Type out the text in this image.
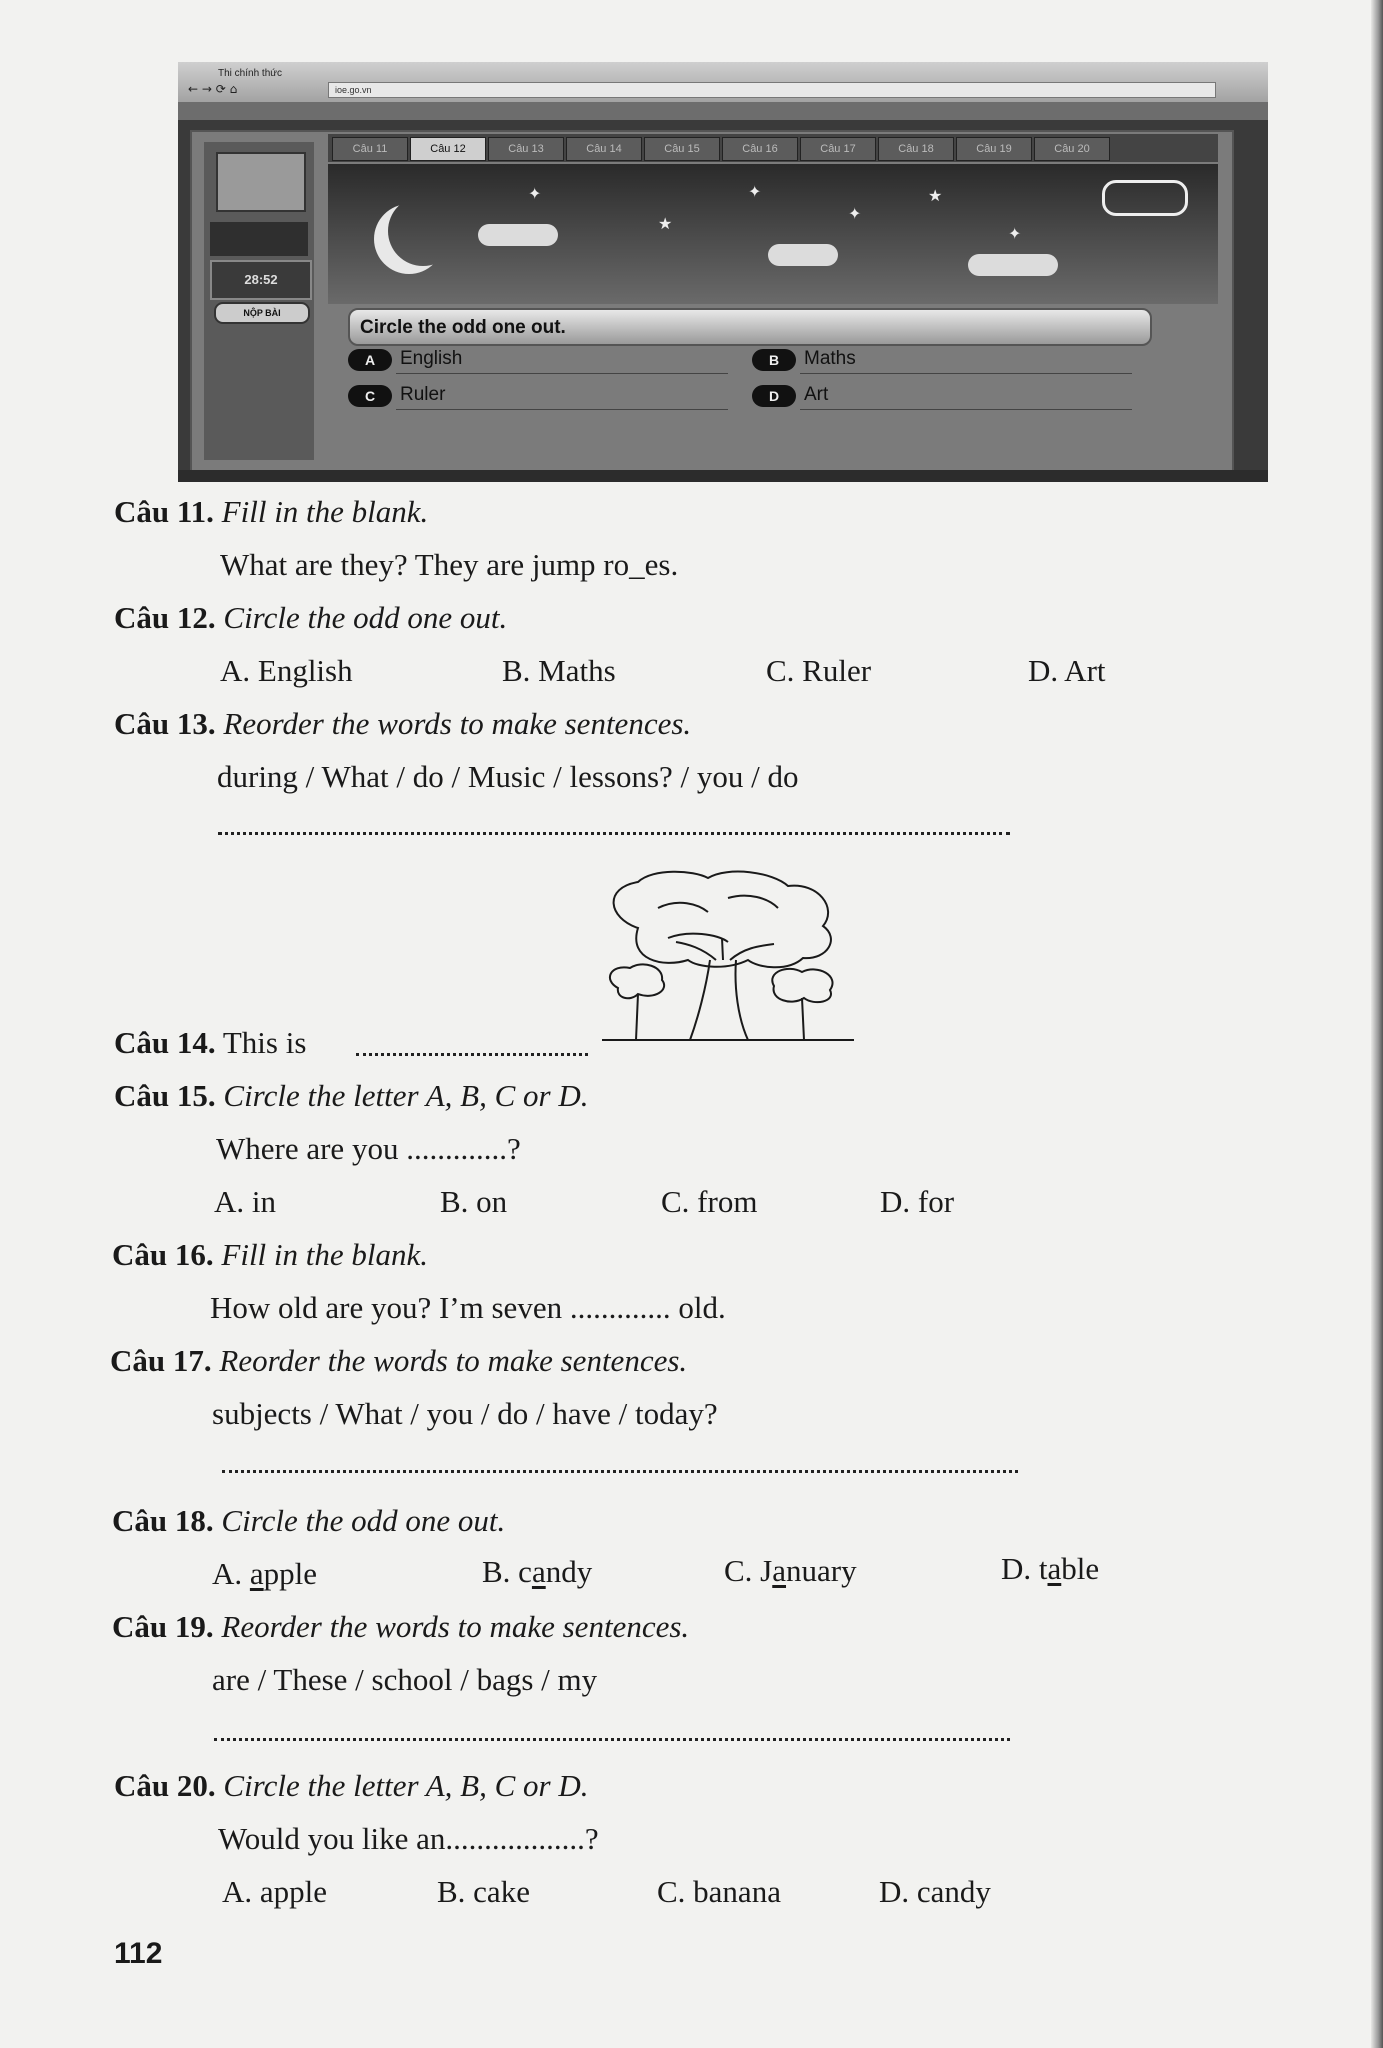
Thi chính thức
← → ⟳ ⌂	ioe.go.vn
28:52
NỘP BÀI
Câu 11	Câu 12	Câu 13	Câu 14	Câu 15	Câu 16	Câu 17	Câu 18	Câu 19	Câu 20
✦
★
✦
✦
★
✦
Circle the odd one out.
A	English	B	Maths
C	Ruler	D	Art
Câu 11. Fill in the blank.
What are they? They are jump ro_es.
Câu 12. Circle the odd one out.
A. English	B. Maths	C. Ruler	D. Art
Câu 13. Reorder the words to make sentences.
during / What / do / Music / lessons? / you / do
Câu 14. This is
Câu 15. Circle the letter A, B, C or D.
Where are you .............?
A. in	B. on	C. from	D. for
Câu 16. Fill in the blank.
How old are you? I’m seven ............. old.
Câu 17. Reorder the words to make sentences.
subjects / What / you / do / have / today?
Câu 18. Circle the odd one out.
A. apple	B. candy	C. January	D. table
Câu 19. Reorder the words to make sentences.
are / These / school / bags / my
Câu 20. Circle the letter A, B, C or D.
Would you like an..................?
A. apple	B. cake	C. banana	D. candy
112
